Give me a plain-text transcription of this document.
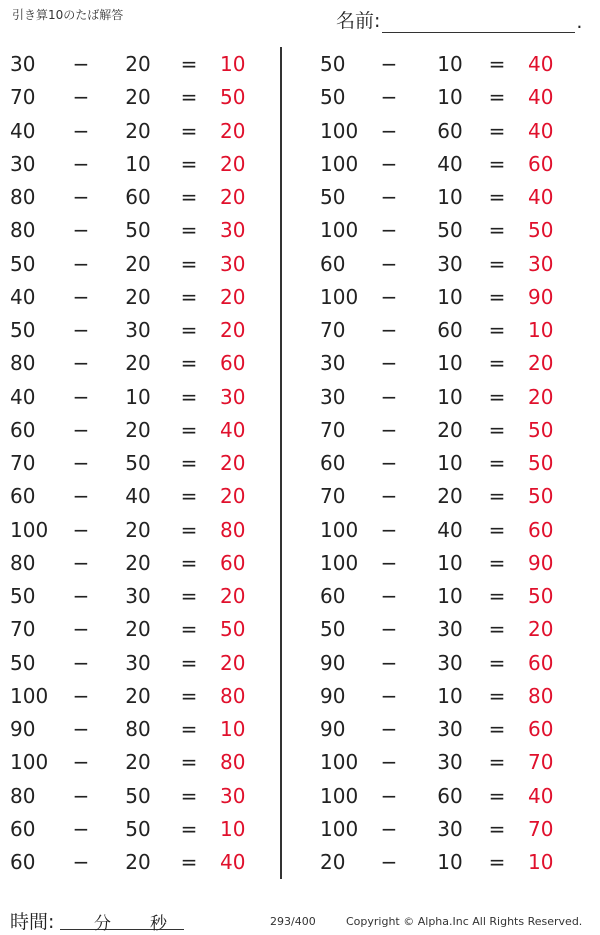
引き算10のたば解答	名前:	.
30	−	20	= 10
70	−	20	= 50
40	−	20	= 20
30	−	10	= 20
80	−	60	= 20
80	−	50	= 30
50	−	20	= 30
40	−	20	= 20
50	−	30	= 20
80	−	20	= 60
40	−	10	= 30
60	−	20	= 40
70	−	50	= 20
60	−	40	= 20
100 −	20	= 80
80	−	20	= 60
50	−	30	= 20
70	−	20	= 50
50	−	30	= 20
100 −	20	= 80
90	−	80	= 10
100 −	20	= 80
80	−	50	= 30
60	−	50	= 10
60	−	20	= 40
50	−	10	= 40
50	−	10	= 40
100 −	60	= 40
100 −	40	= 60
50	−	10	= 40
100 −	50	= 50
60	−	30	= 30
100 −	10	= 90
70	−	60	= 10
30	−	10	= 20
30	−	10	= 20
70	−	20	= 50
60	−	10	= 50
70	−	20	= 50
100 −	40	= 60
100 −	10	= 90
60	−	10	= 50
50	−	30	= 20
90	−	30	= 60
90	−	10	= 80
90	−	30	= 60
100 −	30	= 70
100 −	60	= 40
100 −	30	= 70
20	−	10	= 10
時間: 分 秒	293/400	Copyright © Alpha.Inc All Rights Reserved.
